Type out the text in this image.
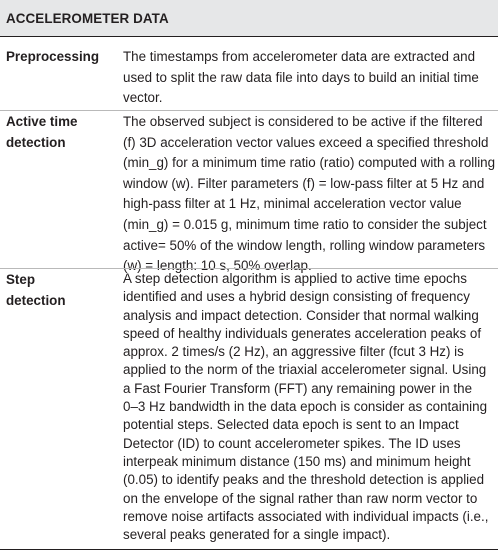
ACCELEROMETER DATA
Preprocessing The timestamps from accelerometer data are extracted and
used to split the raw data file into days to build an initial time
vector.
Active time
detection
The observed subject is considered to be active if the filtered
(f) 3D acceleration vector values exceed a specified threshold
(min_g) for a minimum time ratio (ratio) computed with a rolling
window (w). Filter parameters (f) = low-pass filter at 5 Hz and
high-pass filter at 1 Hz, minimal acceleration vector value
(min_g) = 0.015 g, minimum time ratio to consider the subject
active= 50% of the window length, rolling window parameters
(w) = length: 10 s, 50% overlap.
Step
detection
A step detection algorithm is applied to active time epochs
identified and uses a hybrid design consisting of frequency
analysis and impact detection. Consider that normal walking
speed of healthy individuals generates acceleration peaks of
approx. 2 times/s (2 Hz), an aggressive filter (fcut 3 Hz) is
applied to the norm of the triaxial accelerometer signal. Using
a Fast Fourier Transform (FFT) any remaining power in the
0–3 Hz bandwidth in the data epoch is consider as containing
potential steps. Selected data epoch is sent to an Impact
Detector (ID) to count accelerometer spikes. The ID uses
interpeak minimum distance (150 ms) and minimum height
(0.05) to identify peaks and the threshold detection is applied
on the envelope of the signal rather than raw norm vector to
remove noise artifacts associated with individual impacts (i.e.,
several peaks generated for a single impact).
